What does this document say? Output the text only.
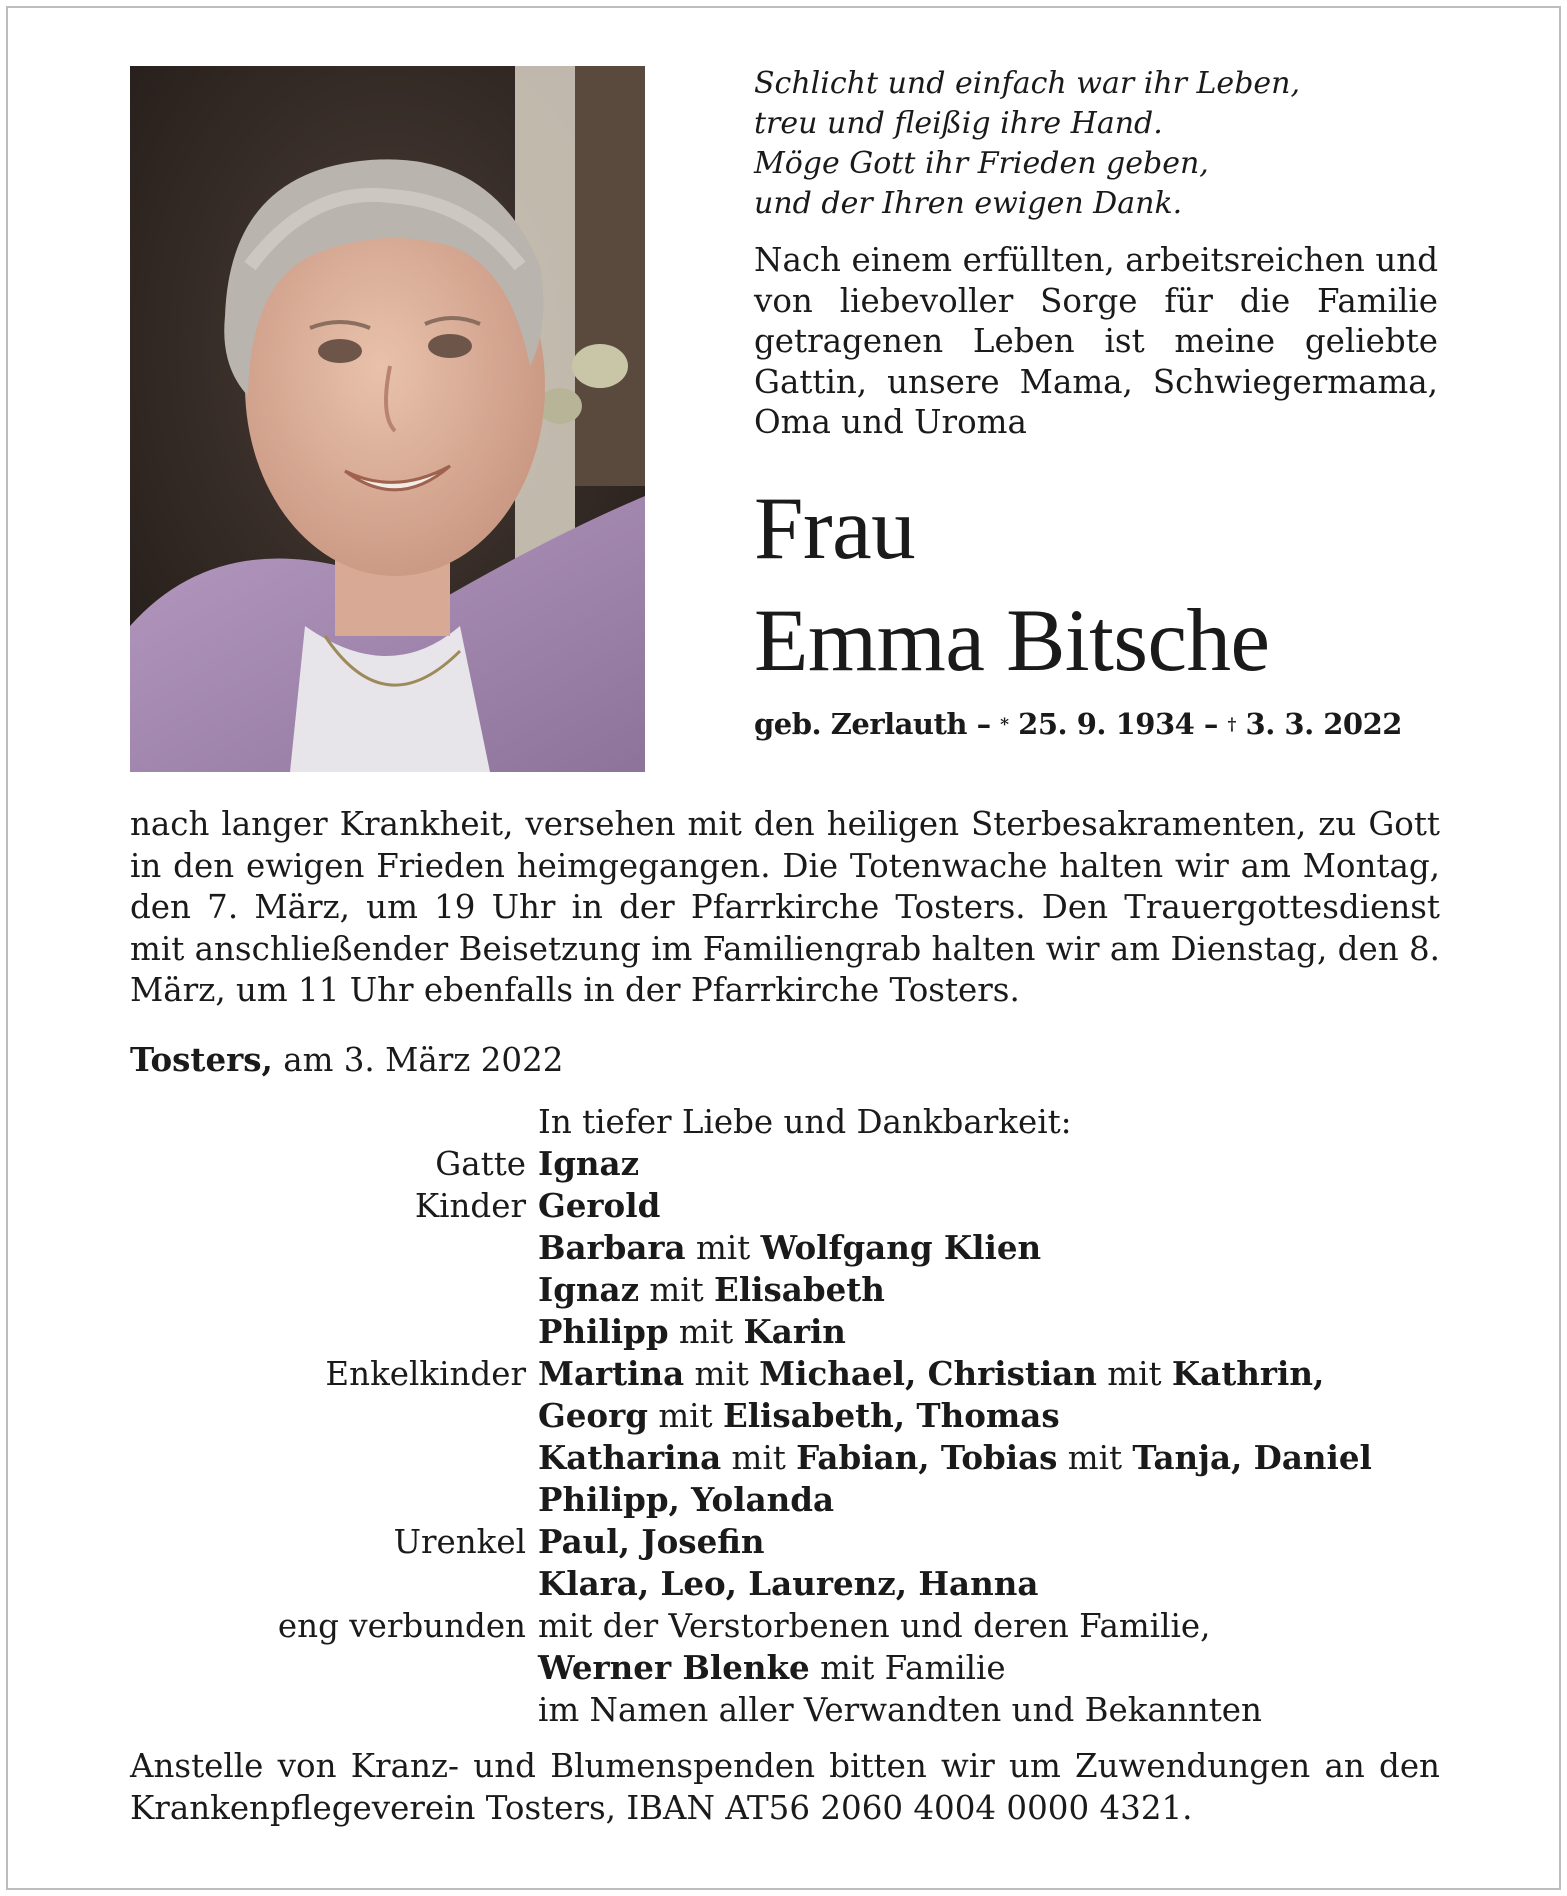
Schlicht und einfach war ihr Leben,

treu und fleißig ihre Hand.

Möge Gott ihr Frieden geben,

und der Ihren ewigen Dank.

Nach einem erfüllten, arbeitsreichen und von liebevoller Sorge für die Familie getragenen Leben ist meine geliebte Gattin, unsere Mama, Schwiegermama, Oma und Uroma

Frau
Emma Bitsche
geb. Zerlauth – * 25. 9. 1934 – † 3. 3. 2022

nach langer Krankheit, versehen mit den heiligen Sterbesakramenten, zu Gott in den ewigen Frieden heimgegangen. Die Totenwache halten wir am Montag, den 7. März, um 19 Uhr in der Pfarrkirche Tosters. Den Trauergottesdienst mit anschließender Beisetzung im Familiengrab halten wir am Dienstag, den 8. März, um 11 Uhr ebenfalls in der Pfarrkirche Tosters.

Tosters, am 3. März 2022
In tiefer Liebe und Dankbarkeit:
Gatte Ignaz
Kinder Gerold
Barbara mit Wolfgang Klien
Ignaz mit Elisabeth
Philipp mit Karin
Enkelkinder Martina mit Michael, Christian mit Kathrin,
Georg mit Elisabeth, Thomas
Katharina mit Fabian, Tobias mit Tanja, Daniel
Philipp, Yolanda
Urenkel Paul, Josefin
Klara, Leo, Laurenz, Hanna
eng verbunden mit der Verstorbenen und deren Familie,
Werner Blenke mit Familie
im Namen aller Verwandten und Bekannten

Anstelle von Kranz- und Blumenspenden bitten wir um Zuwendungen an den Krankenpflegeverein Tosters, IBAN AT56 2060 4004 0000 4321.
